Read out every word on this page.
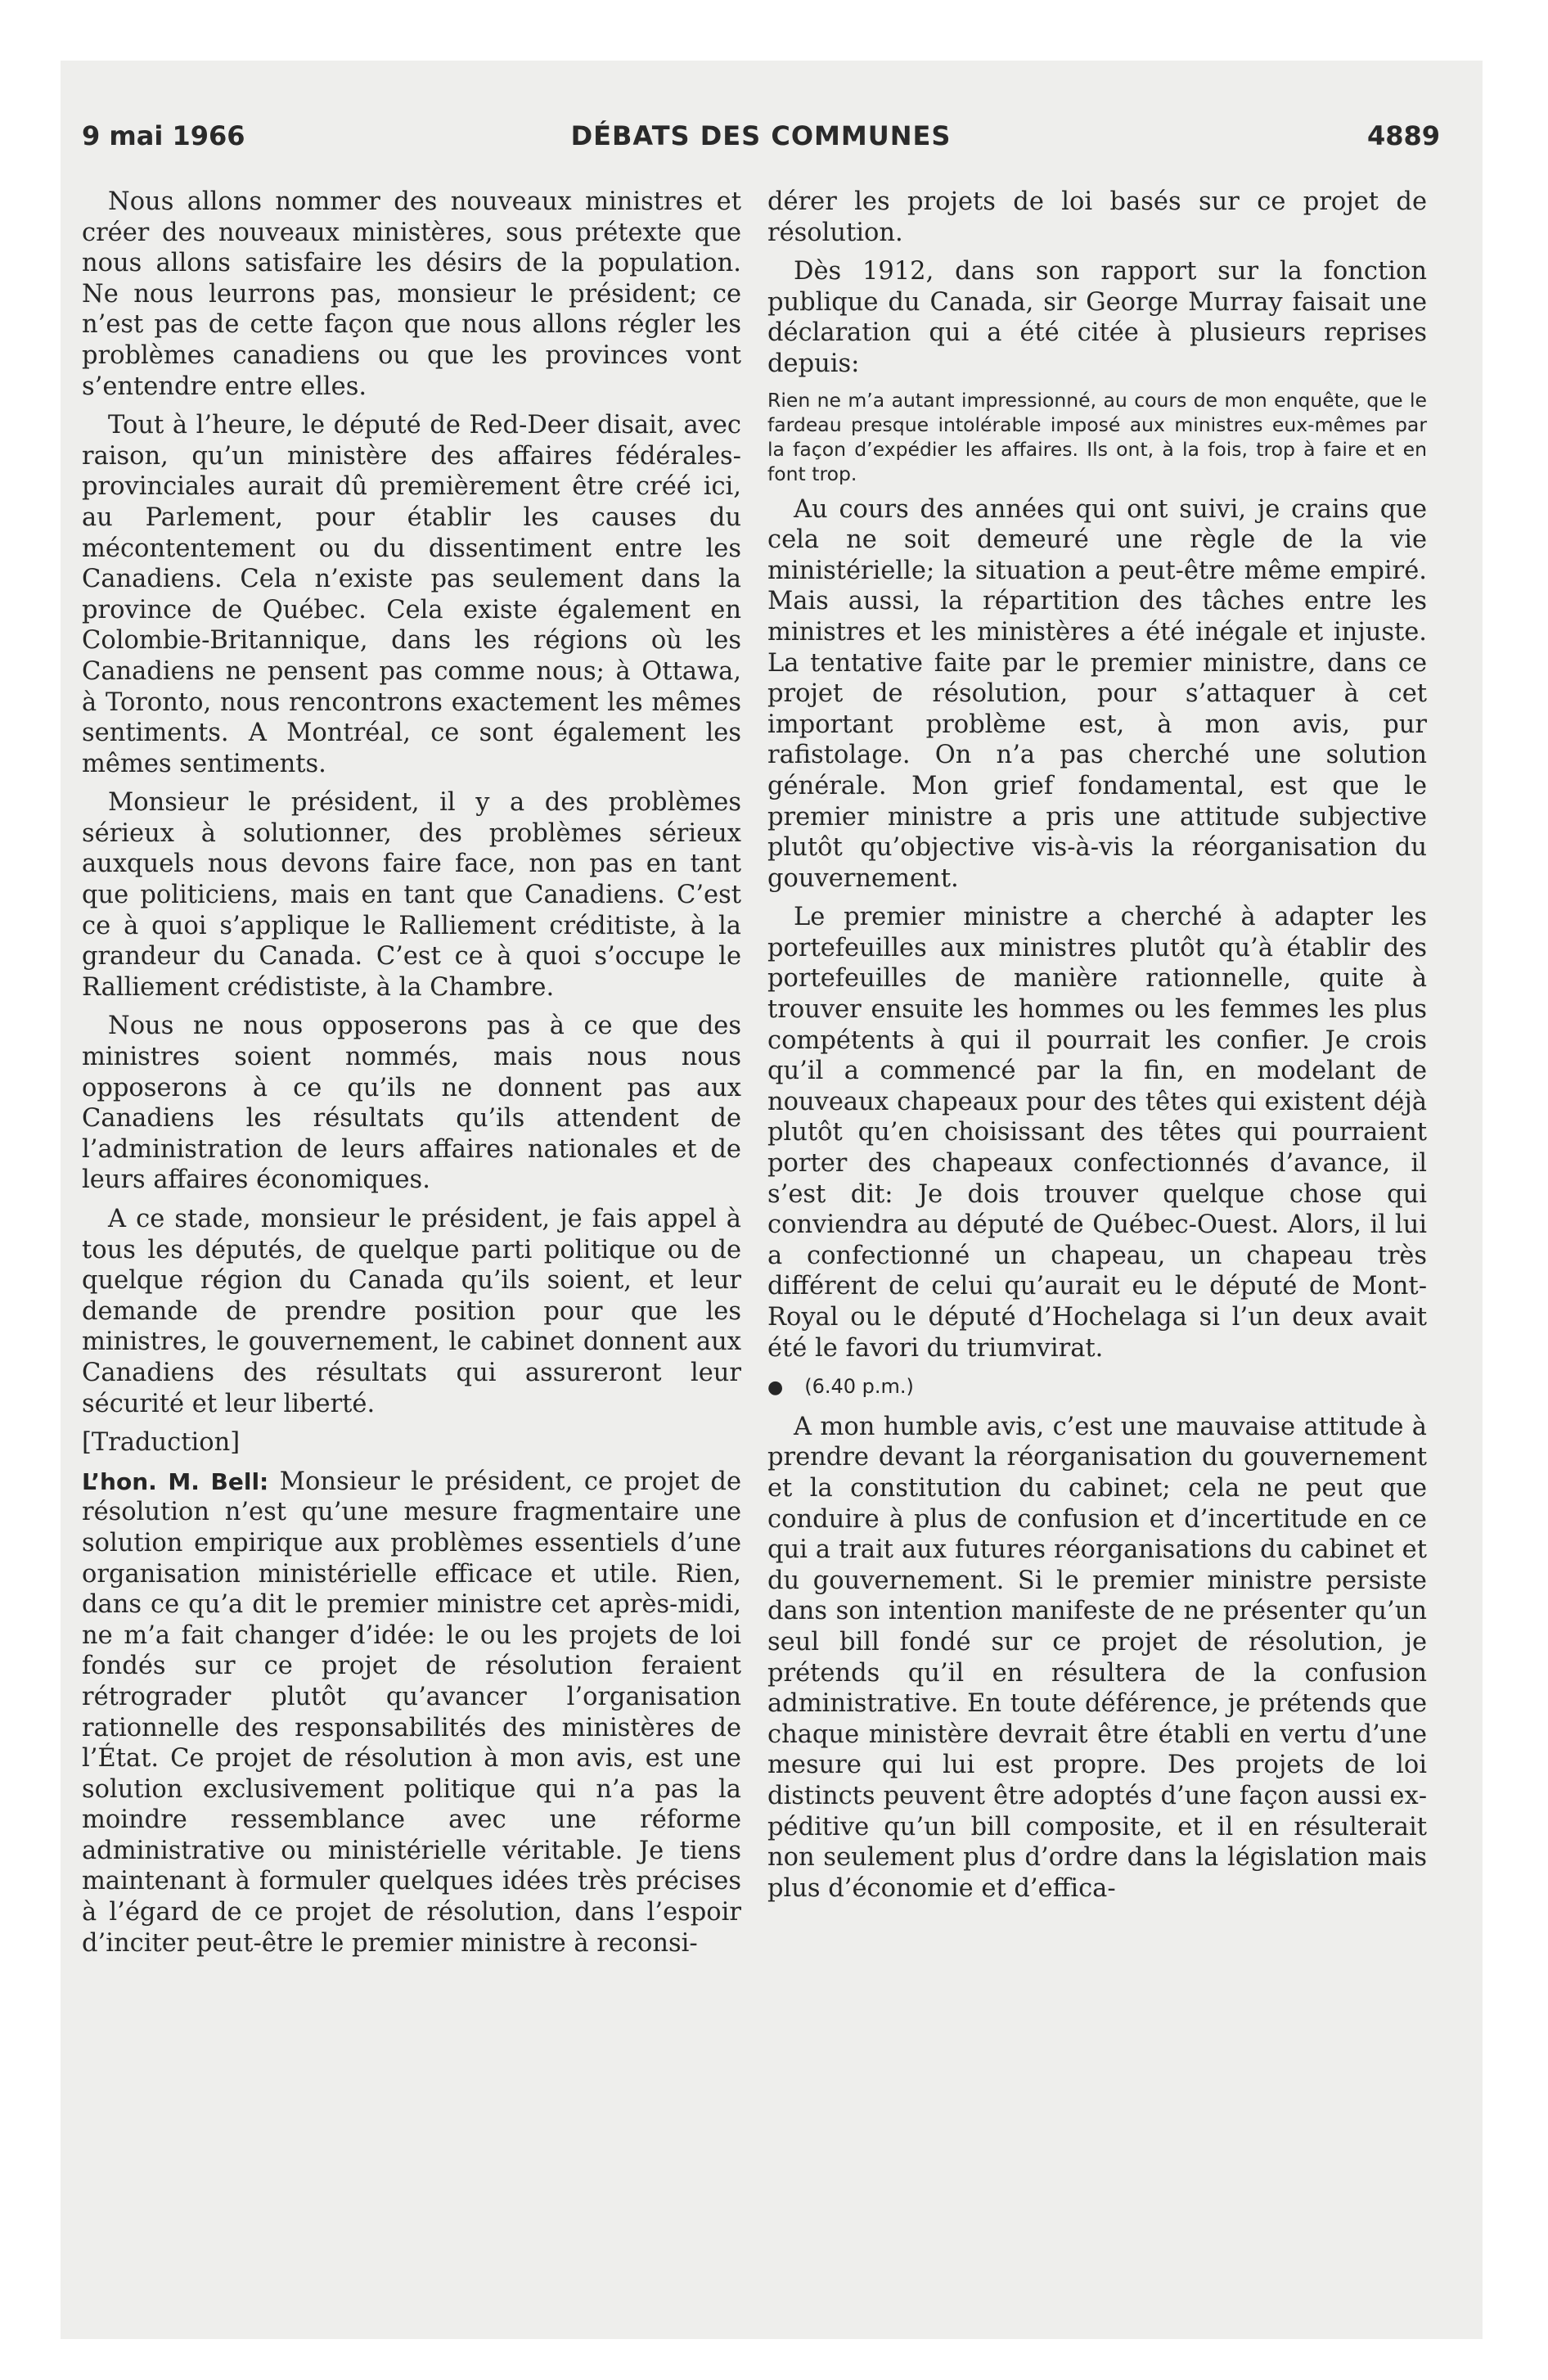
9 mai 1966	DÉBATS DES COMMUNES	4889

Nous allons nommer des nouveaux ministres et créer des nouveaux ministères, sous prétexte que nous allons satisfaire les désirs de la population. Ne nous leurrons pas, monsieur le président; ce n’est pas de cette façon que nous allons régler les problèmes canadiens ou que les provinces vont s’entendre entre elles.

Tout à l’heure, le député de Red-Deer disait, avec raison, qu’un ministère des affaires fédérales-provinciales aurait dû premièrement être créé ici, au Parlement, pour établir les causes du mécontentement ou du dissentiment entre les Canadiens. Cela n’existe pas seulement dans la province de Québec. Cela existe également en Colombie-Britannique, dans les régions où les Canadiens ne pensent pas comme nous; à Ottawa, à Toronto, nous rencontrons exactement les mêmes sentiments. A Montréal, ce sont également les mêmes sentiments.

Monsieur le président, il y a des problèmes sérieux à solutionner, des problèmes sérieux auxquels nous devons faire face, non pas en tant que politiciens, mais en tant que Canadiens. C’est ce à quoi s’applique le Ralliement créditiste, à la grandeur du Canada. C’est ce à quoi s’occupe le Ralliement crédististe, à la Chambre.

Nous ne nous opposerons pas à ce que des ministres soient nommés, mais nous nous opposerons à ce qu’ils ne donnent pas aux Canadiens les résultats qu’ils attendent de l’administration de leurs affaires nationales et de leurs affaires économiques.

A ce stade, monsieur le président, je fais appel à tous les députés, de quelque parti politique ou de quelque région du Canada qu’ils soient, et leur demande de prendre position pour que les ministres, le gouvernement, le cabinet donnent aux Canadiens des résultats qui assureront leur sécurité et leur liberté.

[Traduction]

L’hon. M. Bell: Monsieur le président, ce projet de résolution n’est qu’une mesure fragmentaire une solution empirique aux problèmes essentiels d’une organisation ministérielle efficace et utile. Rien, dans ce qu’a dit le premier ministre cet après-midi, ne m’a fait changer d’idée: le ou les projets de loi fondés sur ce projet de résolution feraient rétrograder plutôt qu’avancer l’organisation rationnelle des responsabilités des ministères de l’État. Ce projet de résolution à mon avis, est une solution exclusivement politique qui n’a pas la moindre ressemblance avec une réforme administrative ou ministérielle véritable. Je tiens maintenant à formuler quelques idées très précises à l’égard de ce projet de résolution, dans l’espoir d’inciter peut-être le premier ministre à reconsi-

dérer les projets de loi basés sur ce projet de résolution.

Dès 1912, dans son rapport sur la fonction publique du Canada, sir George Murray faisait une déclaration qui a été citée à plusieurs reprises depuis:

Rien ne m’a autant impressionné, au cours de mon enquête, que le fardeau presque intolérable imposé aux ministres eux-mêmes par la façon d’expédier les affaires. Ils ont, à la fois, trop à faire et en font trop.

Au cours des années qui ont suivi, je crains que cela ne soit demeuré une règle de la vie ministérielle; la situation a peut-être même empiré. Mais aussi, la répartition des tâches entre les ministres et les ministères a été inégale et injuste. La tentative faite par le premier ministre, dans ce projet de résolution, pour s’attaquer à cet important problème est, à mon avis, pur rafistolage. On n’a pas cherché une solution générale. Mon grief fondamental, est que le premier ministre a pris une attitude subjective plutôt qu’objective vis-à-vis la réorganisation du gouvernement.

Le premier ministre a cherché à adapter les portefeuilles aux ministres plutôt qu’à établir des portefeuilles de manière rationnelle, quite à trouver ensuite les hommes ou les femmes les plus compétents à qui il pourrait les confier. Je crois qu’il a commencé par la fin, en modelant de nouveaux chapeaux pour des têtes qui existent déjà plutôt qu’en choisissant des têtes qui pourraient porter des chapeaux confectionnés d’avance, il s’est dit: Je dois trouver quelque chose qui conviendra au député de Québec-Ouest. Alors, il lui a confectionné un chapeau, un chapeau très différent de celui qu’aurait eu le député de Mont-Royal ou le député d’Hochelaga si l’un deux avait été le favori du triumvirat.

● (6.40 p.m.)

A mon humble avis, c’est une mauvaise attitude à prendre devant la réorganisation du gouvernement et la constitution du cabinet; cela ne peut que conduire à plus de confusion et d’incertitude en ce qui a trait aux futures réorganisations du cabinet et du gouvernement. Si le premier ministre persiste dans son intention manifeste de ne présenter qu’un seul bill fondé sur ce projet de résolution, je prétends qu’il en résultera de la confusion administrative. En toute déférence, je prétends que chaque ministère devrait être établi en vertu d’une mesure qui lui est propre. Des projets de loi distincts peuvent être adoptés d’une façon aussi expéditive qu’un bill composite, et il en résulterait non seulement plus d’ordre dans la législation mais plus d’économie et d’effica-
